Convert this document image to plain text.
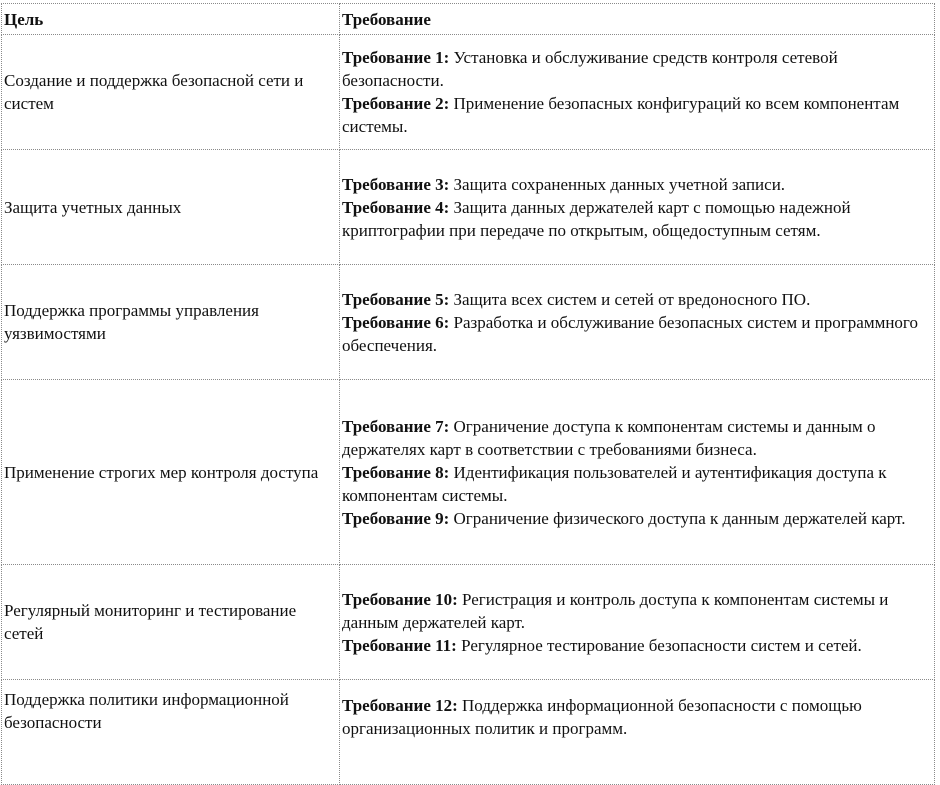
Цель	Требование
Создание и поддержка безопасной сети и систем	Требование 1: Установка и обслуживание средств контроля сетевой безопасности.
Требование 2: Применение безопасных конфигураций ко всем компонентам системы.

Защита учетных данных	Требование 3: Защита сохраненных данных учетной записи.
Требование 4: Защита данных держателей карт с помощью надежной криптографии при передаче по открытым, общедоступным сетям.

Поддержка программы управления уязвимостями	Требование 5: Защита всех систем и сетей от вредоносного ПО.
Требование 6: Разработка и обслуживание безопасных систем и программного обеспечения.

Применение строгих мер контроля доступа	Требование 7: Ограничение доступа к компонентам системы и данным о держателях карт в соответствии с требованиями бизнеса.
Требование 8: Идентификация пользователей и аутентификация доступа к компонентам системы.
Требование 9: Ограничение физического доступа к данным держателей карт.

Регулярный мониторинг и тестирование сетей	Требование 10: Регистрация и контроль доступа к компонентам системы и данным держателей карт.
Требование 11: Регулярное тестирование безопасности систем и сетей.

Поддержка политики информационной безопасности	Требование 12: Поддержка информационной безопасности с помощью организационных политик и программ.
